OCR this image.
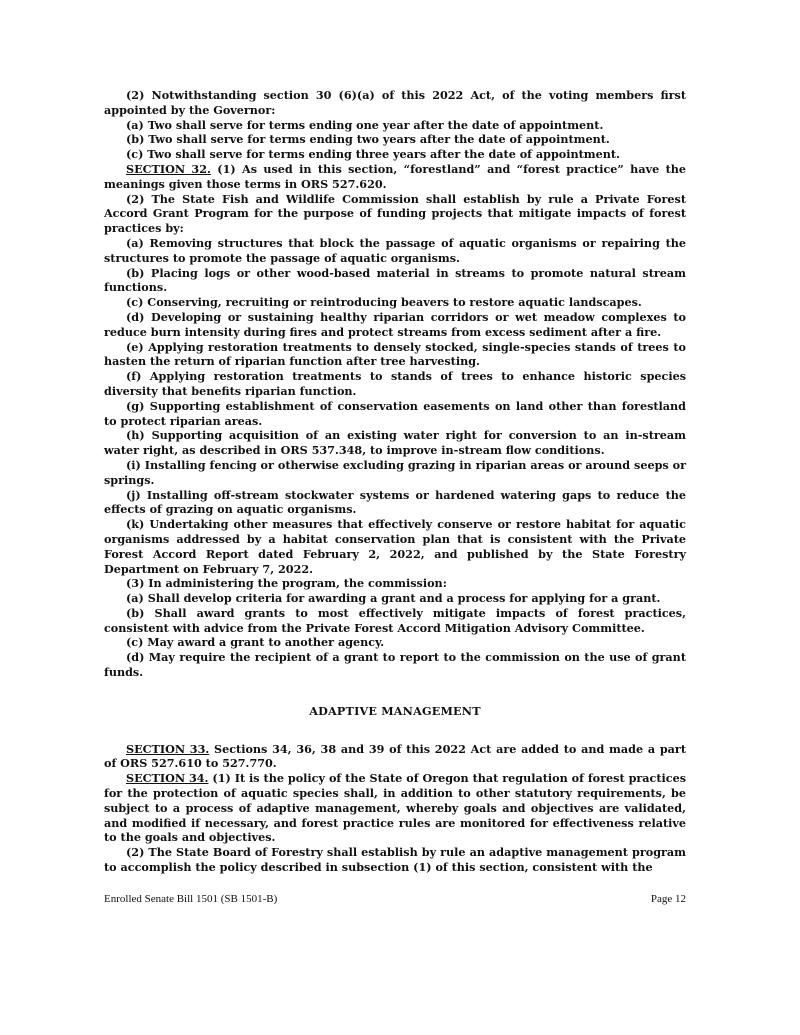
(2) Notwithstanding section 30 (6)(a) of this 2022 Act, of the voting members first appointed by the Governor:

(a) Two shall serve for terms ending one year after the date of appointment.

(b) Two shall serve for terms ending two years after the date of appointment.

(c) Two shall serve for terms ending three years after the date of appointment.

SECTION 32. (1) As used in this section, “forestland” and “forest practice” have the meanings given those terms in ORS 527.620.

(2) The State Fish and Wildlife Commission shall establish by rule a Private Forest Accord Grant Program for the purpose of funding projects that mitigate impacts of forest practices by:

(a) Removing structures that block the passage of aquatic organisms or repairing the structures to promote the passage of aquatic organisms.

(b) Placing logs or other wood-based material in streams to promote natural stream functions.

(c) Conserving, recruiting or reintroducing beavers to restore aquatic landscapes.

(d) Developing or sustaining healthy riparian corridors or wet meadow complexes to reduce burn intensity during fires and protect streams from excess sediment after a fire.

(e) Applying restoration treatments to densely stocked, single-species stands of trees to hasten the return of riparian function after tree harvesting.

(f) Applying restoration treatments to stands of trees to enhance historic species diversity that benefits riparian function.

(g) Supporting establishment of conservation easements on land other than forestland to protect riparian areas.

(h) Supporting acquisition of an existing water right for conversion to an in-stream water right, as described in ORS 537.348, to improve in-stream flow conditions.

(i) Installing fencing or otherwise excluding grazing in riparian areas or around seeps or springs.

(j) Installing off-stream stockwater systems or hardened watering gaps to reduce the effects of grazing on aquatic organisms.

(k) Undertaking other measures that effectively conserve or restore habitat for aquatic organisms addressed by a habitat conservation plan that is consistent with the Private Forest Accord Report dated February 2, 2022, and published by the State Forestry Department on February 7, 2022.

(3) In administering the program, the commission:

(a) Shall develop criteria for awarding a grant and a process for applying for a grant.

(b) Shall award grants to most effectively mitigate impacts of forest practices, consistent with advice from the Private Forest Accord Mitigation Advisory Committee.

(c) May award a grant to another agency.

(d) May require the recipient of a grant to report to the commission on the use of grant funds.

ADAPTIVE MANAGEMENT

SECTION 33. Sections 34, 36, 38 and 39 of this 2022 Act are added to and made a part of ORS 527.610 to 527.770.

SECTION 34. (1) It is the policy of the State of Oregon that regulation of forest practices for the protection of aquatic species shall, in addition to other statutory requirements, be subject to a process of adaptive management, whereby goals and objectives are validated, and modified if necessary, and forest practice rules are monitored for effectiveness relative to the goals and objectives.

(2) The State Board of Forestry shall establish by rule an adaptive management program to accomplish the policy described in subsection (1) of this section, consistent with the

Enrolled Senate Bill 1501 (SB 1501-B)	Page 12
